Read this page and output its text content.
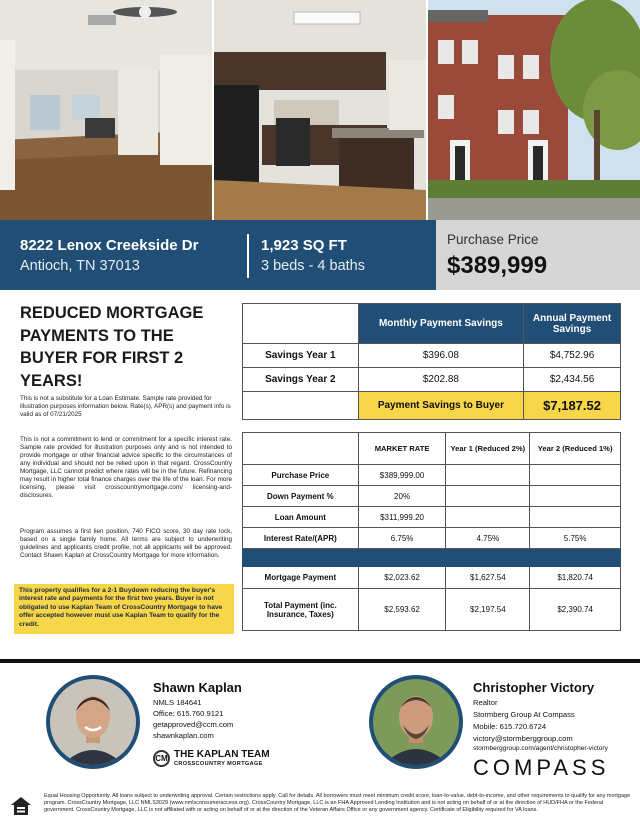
8222 Lenox Creekside Dr
Antioch, TN 37013
1,923 SQ FT
3 beds - 4 baths
Purchase Price
$389,999
REDUCED MORTGAGE PAYMENTS TO THE BUYER FOR FIRST 2 YEARS!
This is not a substitute for a Loan Estimate. Sample rate provided for illustration purposes information below. Rate(s), APR(s) and payment info is valid as of 07/21/2025
This is not a commitment to lend or commitment for a specific interest rate. Sample rate provided for illustration purposes only and is not intended to provide mortgage or other financial advice specific to the circumstances of any individual and should not be relied upon in that regard. CrossCountry Mortgage, LLC cannot predict where rates will be in the future. Refinancing may result in higher total finance charges over the life of the loan. For more licensing, please visit crosscountrymortgage.com/ licensing-and-disclosures.
Program assumes a first lien position, 740 FICO score, 30 day rate lock, based on a single family home. All terms are subject to underwriting guidelines and applicants credit profile, not all applicants will be approved. Contact Shawn Kaplan at CrossCountry Mortgage for more information.
This property qualifies for a 2-1 Buydown reducing the buyer's interest rate and payments for the first two years. Buyer is not obligated to use Kaplan Team of CrossCountry Mortgage to have offer accepted however must use Kaplan Team to qualify for the credit.
	Monthly Payment Savings	Annual Payment Savings
Savings Year 1	$396.08	$4,752.96
Savings Year 2	$202.88	$2,434.56
	Payment Savings to Buyer	$7,187.52
	MARKET RATE	Year 1 (Reduced 2%)	Year 2 (Reduced 1%)
Purchase Price	$389,999.00		
Down Payment %	20%		
Loan Amount	$311,999.20		
Interest Rate/(APR)	6.75%	4.75%	5.75%

Mortgage Payment	$2,023.62	$1,627.54	$1,820.74
Total Payment (inc. Insurance, Taxes)	$2,593.62	$2,197.54	$2,390.74
Shawn Kaplan
NMLS 184641
Office: 615.760.9121
getapproved@ccm.com
shawnkaplan.com
CM THE KAPLAN TEAM
CROSSCOUNTRY MORTGAGE
Christopher Victory
Realtor
Stormberg Group At Compass
Mobile: 615.720.6724
victory@stormberggroup.com
stormberggroup.com/agent/christopher-victory
COMPASS
Equal Housing Opportunity. All loans subject to underwriting approval. Certain restrictions apply. Call for details. All borrowers must meet minimum credit score, loan-to-value, debt-to-income, and other requirements to qualify for any mortgage program. CrossCountry Mortgage, LLC NMLS3029 (www.nmlsconsumeraccess.org). CrossCountry Mortgage, LLC is an FHA Approved Lending Institution and is not acting on behalf of or at the direction of HUD/FHA or the Federal government. CrossCountry Mortgage, LLC is not affiliated with or acting on behalf of or at the direction of the Veteran Affairs Office or any government agency. Certificate of Eligibility required for VA loans.
